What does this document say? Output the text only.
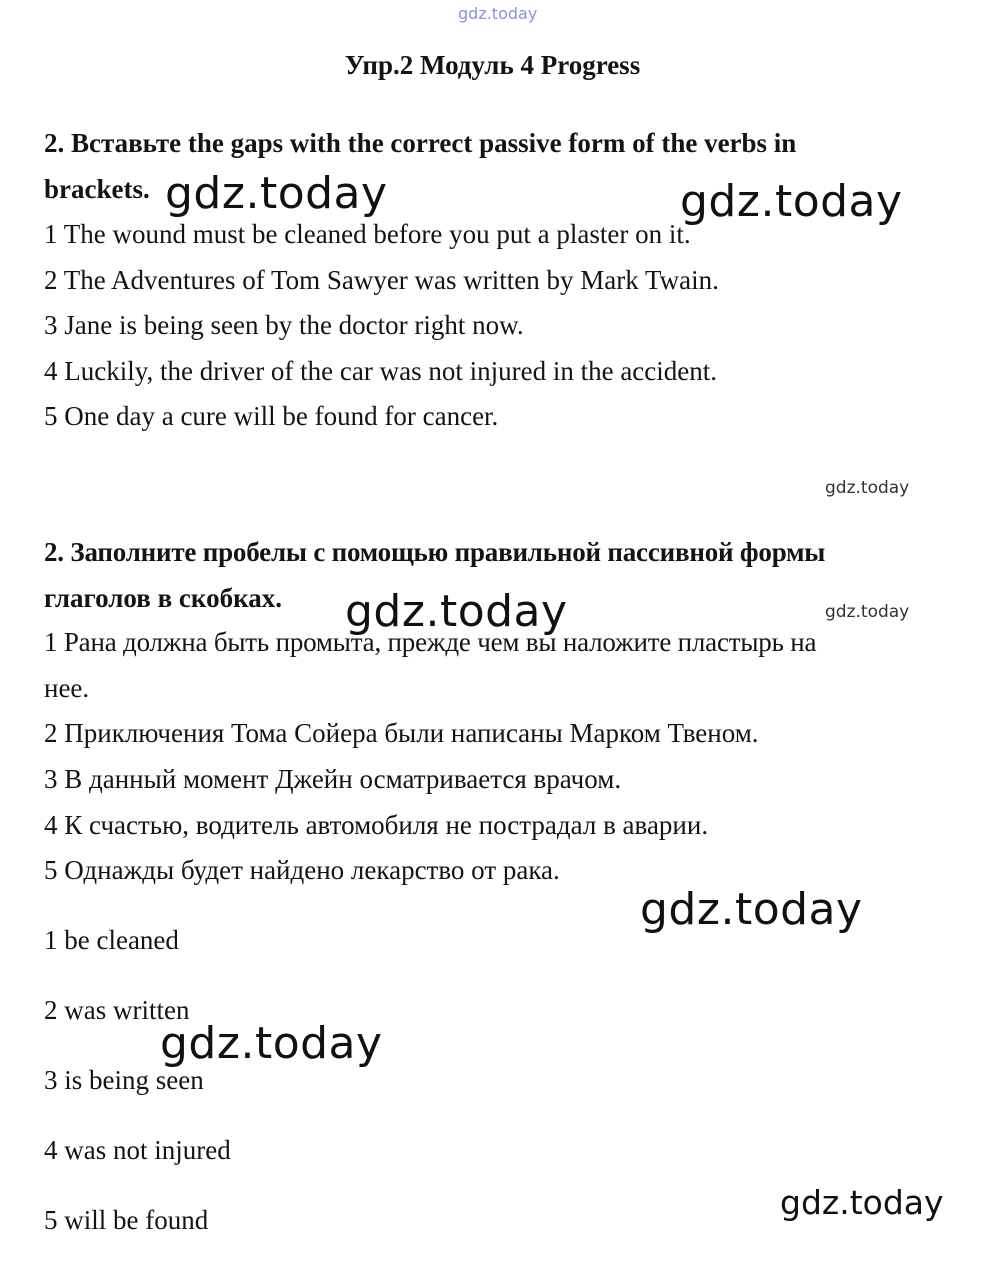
gdz.today
Упр.2 Модуль 4 Progress
2. Вставьте the gaps with the correct passive form of the verbs in
brackets.
1 The wound must be cleaned before you put a plaster on it.
2 The Adventures of Tom Sawyer was written by Mark Twain.
3 Jane is being seen by the doctor right now.
4 Luckily, the driver of the car was not injured in the accident.
5 One day a cure will be found for cancer.
2. Заполните пробелы с помощью правильной пассивной формы
глаголов в скобках.
1 Рана должна быть промыта, прежде чем вы наложите пластырь на
нее.
2 Приключения Тома Сойера были написаны Марком Твеном.
3 В данный момент Джейн осматривается врачом.
4 К счастью, водитель автомобиля не пострадал в аварии.
5 Однажды будет найдено лекарство от рака.
1 be cleaned
2 was written
3 is being seen
4 was not injured
5 will be found
gdz.today	gdz.today
gdz.today
gdz.today	gdz.today
gdz.today
gdz.today
gdz.today
